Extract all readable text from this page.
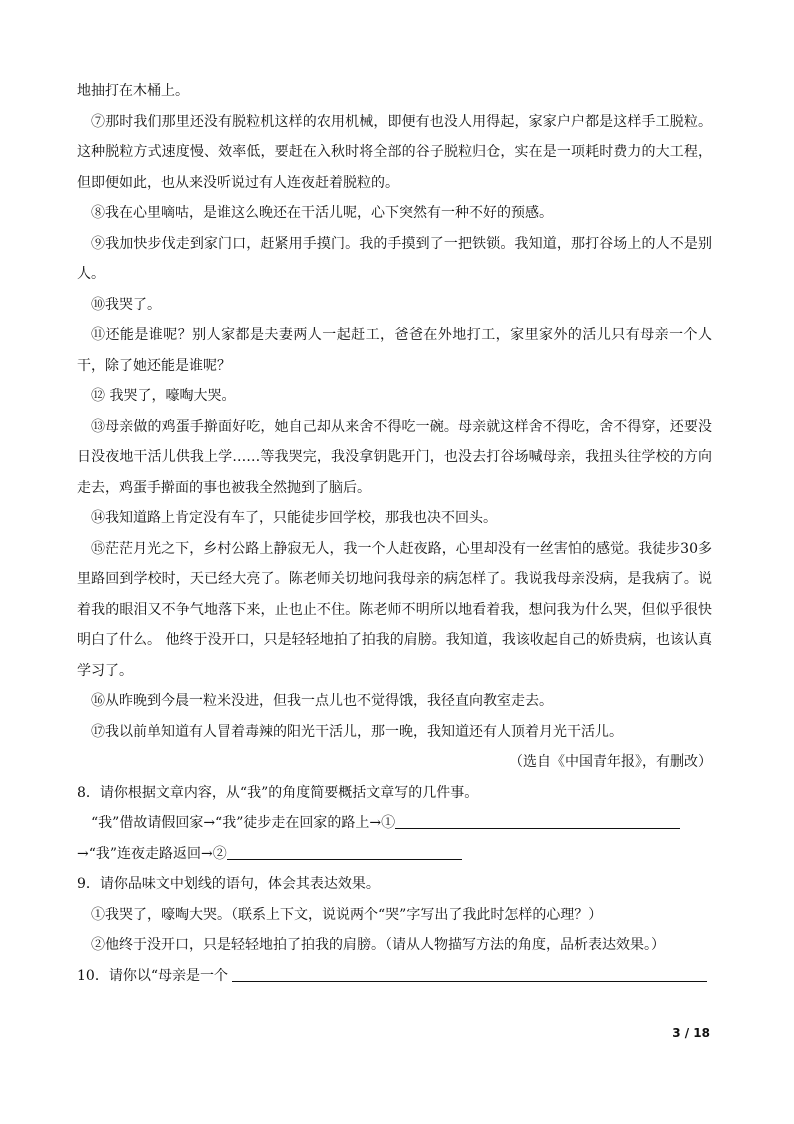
地抽打在木桶上。

⑦那时我们那里还没有脱粒机这样的农用机械，即便有也没人用得起，家家户户都是这样手工脱粒。这种脱粒方式速度慢、效率低，要赶在入秋时将全部的谷子脱粒归仓，实在是一项耗时费力的大工程，但即便如此，也从来没听说过有人连夜赶着脱粒的。

⑧我在心里嘀咕，是谁这么晚还在干活儿呢，心下突然有一种不好的预感。

⑨我加快步伐走到家门口，赶紧用手摸门。我的手摸到了一把铁锁。我知道，那打谷场上的人不是别人。

⑩我哭了。

⑪还能是谁呢？别人家都是夫妻两人一起赶工，爸爸在外地打工，家里家外的活儿只有母亲一个人干，除了她还能是谁呢？

⑫ 我哭了，嚎啕大哭。

⑬母亲做的鸡蛋手擀面好吃，她自己却从来舍不得吃一碗。母亲就这样舍不得吃，舍不得穿，还要没日没夜地干活儿供我上学……等我哭完，我没拿钥匙开门，也没去打谷场喊母亲，我扭头往学校的方向走去，鸡蛋手擀面的事也被我全然抛到了脑后。

⑭我知道路上肯定没有车了，只能徒步回学校，那我也决不回头。

⑮茫茫月光之下，乡村公路上静寂无人，我一个人赶夜路，心里却没有一丝害怕的感觉。我徒步30多里路回到学校时，天已经大亮了。陈老师关切地问我母亲的病怎样了。我说我母亲没病，是我病了。说着我的眼泪又不争气地落下来，止也止不住。陈老师不明所以地看着我，想问我为什么哭，但似乎很快明白了什么。 他终于没开口，只是轻轻地拍了拍我的肩膀。我知道，我该收起自己的娇贵病，也该认真学习了。

⑯从昨晚到今晨一粒米没进，但我一点儿也不觉得饿，我径直向教室走去。

⑰我以前单知道有人冒着毒辣的阳光干活儿，那一晚，我知道还有人顶着月光干活儿。

（选自《中国青年报》，有删改）

8．请你根据文章内容，从“我”的角度简要概括文章写的几件事。

“我”借故请假回家→“我”徒步走在回家的路上→①

→“我”连夜走路返回→②

9．请你品味文中划线的语句，体会其表达效果。

①我哭了，嚎啕大哭。（联系上下文，说说两个“哭”字写出了我此时怎样的心理？）

②他终于没开口，只是轻轻地拍了拍我的肩膀。（请从人物描写方法的角度，品析表达效果。）

10．请你以“母亲是一个

3 / 18
